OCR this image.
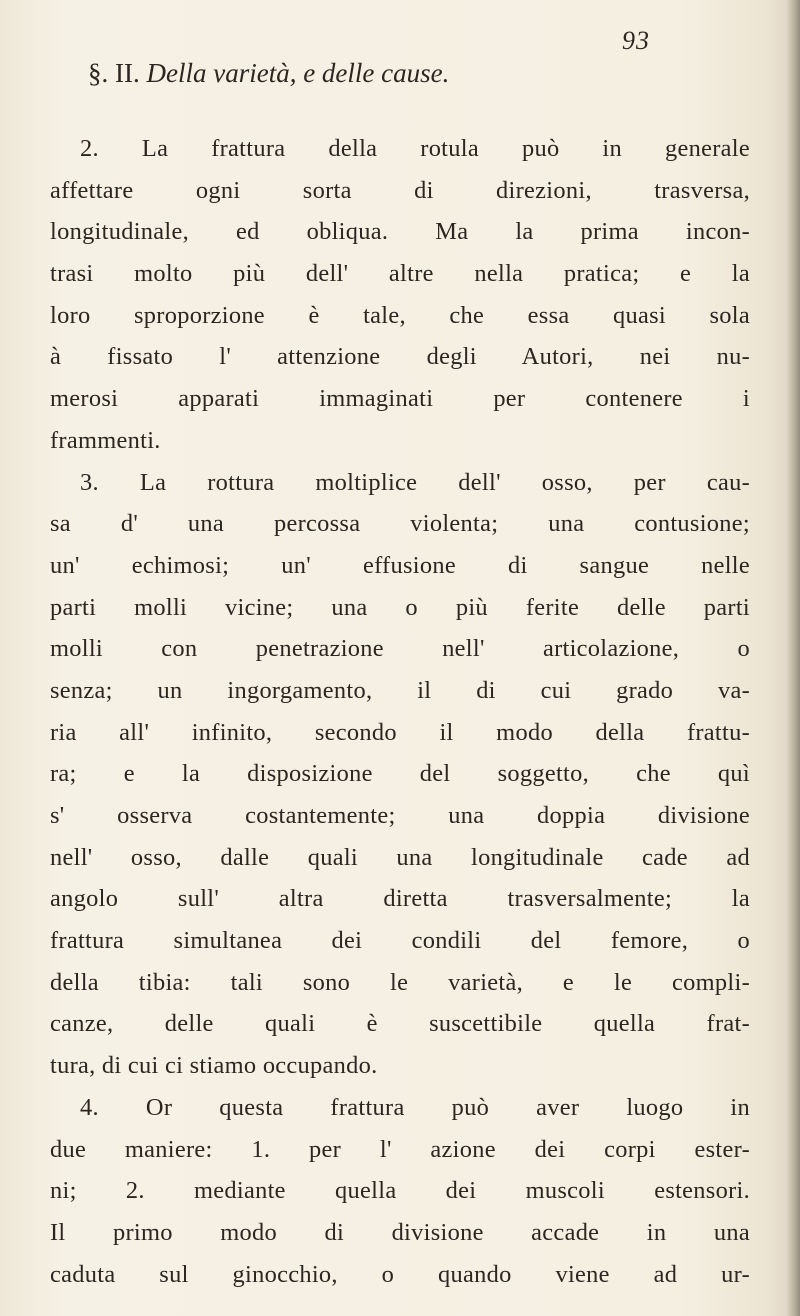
93
§. II. Della varietà, e delle cause.
2. La frattura della rotula può in generale
affettare ogni sorta di direzioni, trasversa,
longitudinale, ed obliqua. Ma la prima incon-
trasi molto più dell' altre nella pratica; e la
loro sproporzione è tale, che essa quasi sola
à fissato l' attenzione degli Autori, nei nu-
merosi apparati immaginati per contenere i
frammenti.
3. La rottura moltiplice dell' osso, per cau-
sa d' una percossa violenta; una contusione;
un' echimosi; un' effusione di sangue nelle
parti molli vicine; una o più ferite delle parti
molli con penetrazione nell' articolazione, o
senza; un ingorgamento, il di cui grado va-
ria all' infinito, secondo il modo della frattu-
ra; e la disposizione del soggetto, che quì
s' osserva costantemente; una doppia divisione
nell' osso, dalle quali una longitudinale cade ad
angolo sull' altra diretta trasversalmente; la
frattura simultanea dei condili del femore, o
della tibia: tali sono le varietà, e le compli-
canze, delle quali è suscettibile quella frat-
tura, di cui ci stiamo occupando.
4. Or questa frattura può aver luogo in
due maniere: 1. per l' azione dei corpi ester-
ni; 2. mediante quella dei muscoli estensori.
Il primo modo di divisione accade in una
caduta sul ginocchio, o quando viene ad ur-
